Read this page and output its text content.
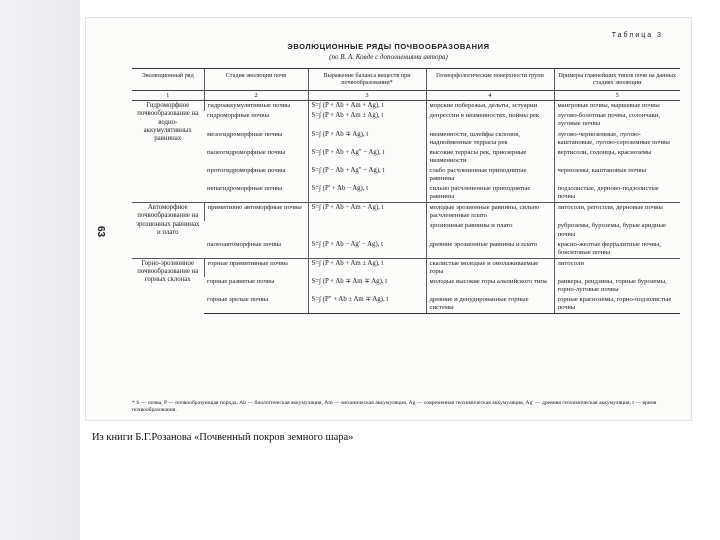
63
Таблица 3
ЭВОЛЮЦИОННЫЕ РЯДЫ ПОЧВООБРАЗОВАНИЯ
(по В. А. Ковде с дополнениями автора)
Эволюционный ряд	Стадия эволюции почв	Выражение баланса веществ при почвообразовании*	Геоморфологические поверхности групп	Примеры главнейших типов почв на данных стадиях эволюции
1	2	3	4	5
Гидроморфное почвообразование на водно-аккумулятивных равнинах	гидроаккумулятивные почвы	S=∫ (P + Ab + Am + Ag), t	морские побережья, дельты, эстуарии	мангровые почвы, маршевые почвы
	гидроморфные почвы	S=∫ (P + Ab + Am ± Ag), t	депрессии в низменностях, поймы рек	лугово-болотные почвы, солончаки, луговые почвы
	мезогидроморфные почвы	S=∫ (P + Ab ∓ Ag), t	низменности, шлейфы склонов, надпойменные террасы рек	лугово-черноземные, лугово-каштановые, лугово-сероземные почвы
	палеогидроморфные почвы	S=∫ (P + Ab + Ag″ − Ag), t	высокие террасы рек, приозерные низменности	вертисоли, солонцы, красноземы
	протогидроморфные почвы	S=∫ (P − Ab + Ag″ − Ag), t	слабо расчлененные приподнятые равнины	черноземы, каштановые почвы
	непагидроморфные почвы	S=∫ (P′ + Ab − Ag), t	сильно расчлененные приподнятые равнины	подзолистые, дерново-подзолистые почвы
Автоморфное почвообразование на эрозионных равнинах и плато	примитивно автоморфные почвы	S=∫ (P + Ab − Am − Ag), t	молодые эрозионные равнины, сильно расчлененные плато	литосоли, регосоли, дерновые почвы
			эрозионные равнины и плато	руброземы, буроземы, бурые аридные почвы
	палеоавтоморфные почвы	S=∫ (P + Ab − Ag′ − Ag), t	древние эрозионные равнины и плато	красно-желтые ферралитные почвы, бокситовые почвы
Горно-эрозионное почвообразование на горных склонах	горные примитивные почвы	S=∫ (P + Ab + Am ± Ag), t	скалистые молодые и омолаживаемые горы	литосоли
	горные развитые почвы	S=∫ (P + Ab ∓ Am ∓ Ag), t	молодые высокие горы альпийского типа	ранкеры, рендзины, горные буроземы, горно-луговые почвы
	горные зрелые почвы	S=∫ (P″ + Ab ± Am ∓ Ag), t	древние и денудированные горные системы	горные красноземы, горно-подзолистые почвы
* S — почва, P — почвообразующая порода, Ab — биологическая аккумуляция, Am — механическая аккумуляция, Ag — современная геохимическая аккумуляция, Ag′ — древняя геохимическая аккумуляция, t — время почвообразования.
Из книги Б.Г.Розанова «Почвенный покров земного шара»
